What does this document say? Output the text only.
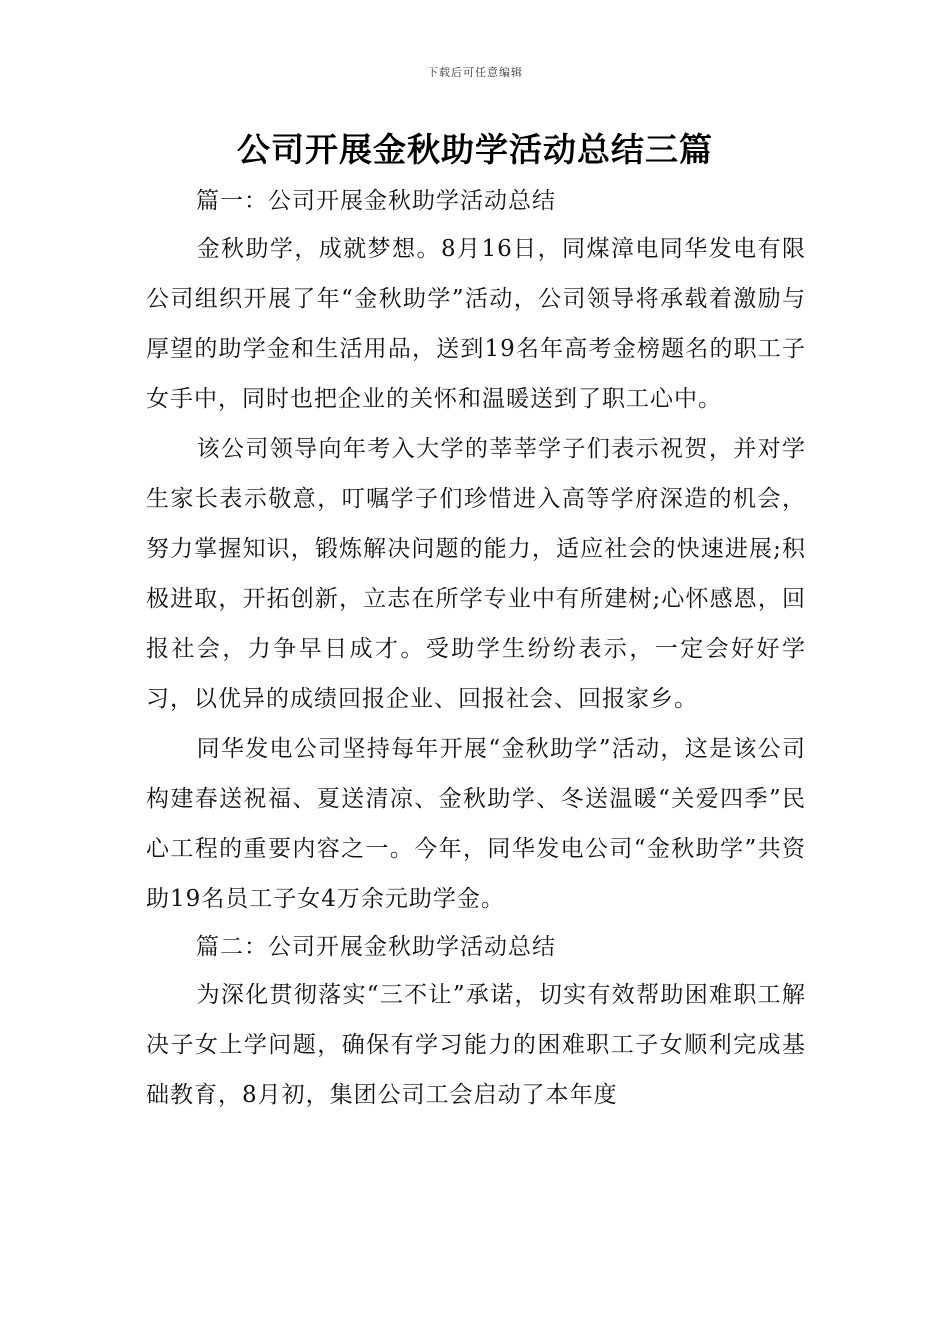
下载后可任意编辑
公司开展金秋助学活动总结三篇
篇一：公司开展金秋助学活动总结

金秋助学，成就梦想。8月16日，同煤漳电同华发电有限公司组织开展了年“金秋助学”活动，公司领导将承载着激励与厚望的助学金和生活用品，送到19名年高考金榜题名的职工子女手中，同时也把企业的关怀和温暖送到了职工心中。

该公司领导向年考入大学的莘莘学子们表示祝贺，并对学生家长表示敬意，叮嘱学子们珍惜进入高等学府深造的机会，努力掌握知识，锻炼解决问题的能力，适应社会的快速进展;积极进取，开拓创新，立志在所学专业中有所建树;心怀感恩，回报社会，力争早日成才。受助学生纷纷表示，一定会好好学习，以优异的成绩回报企业、回报社会、回报家乡。

同华发电公司坚持每年开展“金秋助学”活动，这是该公司构建春送祝福、夏送清凉、金秋助学、冬送温暖“关爱四季”民心工程的重要内容之一。今年，同华发电公司“金秋助学”共资助19名员工子女4万余元助学金。

篇二：公司开展金秋助学活动总结

为深化贯彻落实“三不让”承诺，切实有效帮助困难职工解决子女上学问题，确保有学习能力的困难职工子女顺利完成基础教育，8月初，集团公司工会启动了本年度
